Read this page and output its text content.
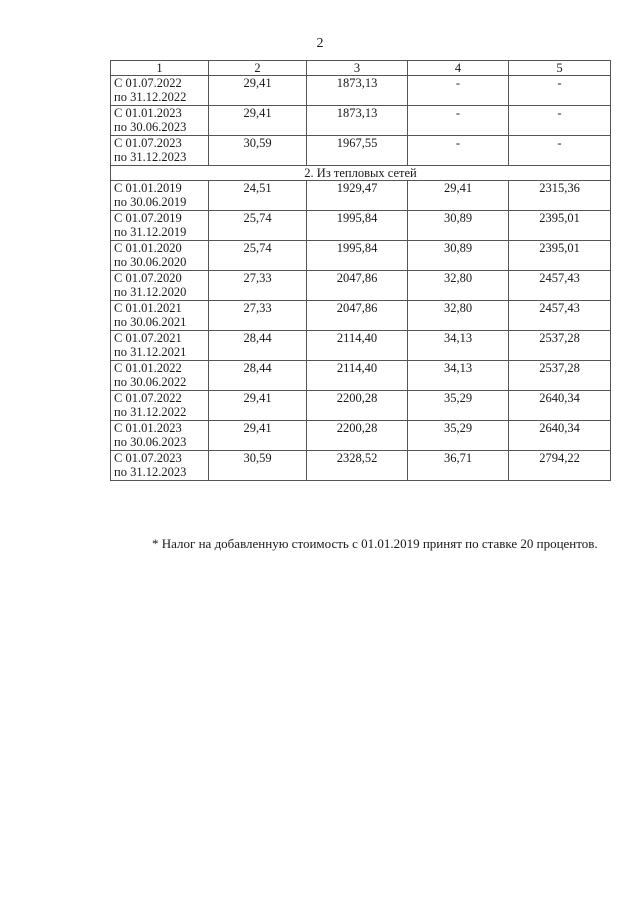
2
1	2	3	4	5

С 01.07.2022
по 31.12.2022	29,41	1873,13	-	-

С 01.01.2023
по 30.06.2023	29,41	1873,13	-	-

С 01.07.2023
по 31.12.2023	30,59	1967,55	-	-
2. Из тепловых сетей				

С 01.01.2019
по 30.06.2019	24,51	1929,47	29,41	2315,36

С 01.07.2019
по 31.12.2019	25,74	1995,84	30,89	2395,01

С 01.01.2020
по 30.06.2020	25,74	1995,84	30,89	2395,01

С 01.07.2020
по 31.12.2020	27,33	2047,86	32,80	2457,43

С 01.01.2021
по 30.06.2021	27,33	2047,86	32,80	2457,43

С 01.07.2021
по 31.12.2021	28,44	2114,40	34,13	2537,28

С 01.01.2022
по 30.06.2022	28,44	2114,40	34,13	2537,28

С 01.07.2022
по 31.12.2022	29,41	2200,28	35,29	2640,34

С 01.01.2023
по 30.06.2023	29,41	2200,28	35,29	2640,34

С 01.07.2023
по 31.12.2023	30,59	2328,52	36,71	2794,22
* Налог на добавленную стоимость с 01.01.2019 принят по ставке 20 процентов.
